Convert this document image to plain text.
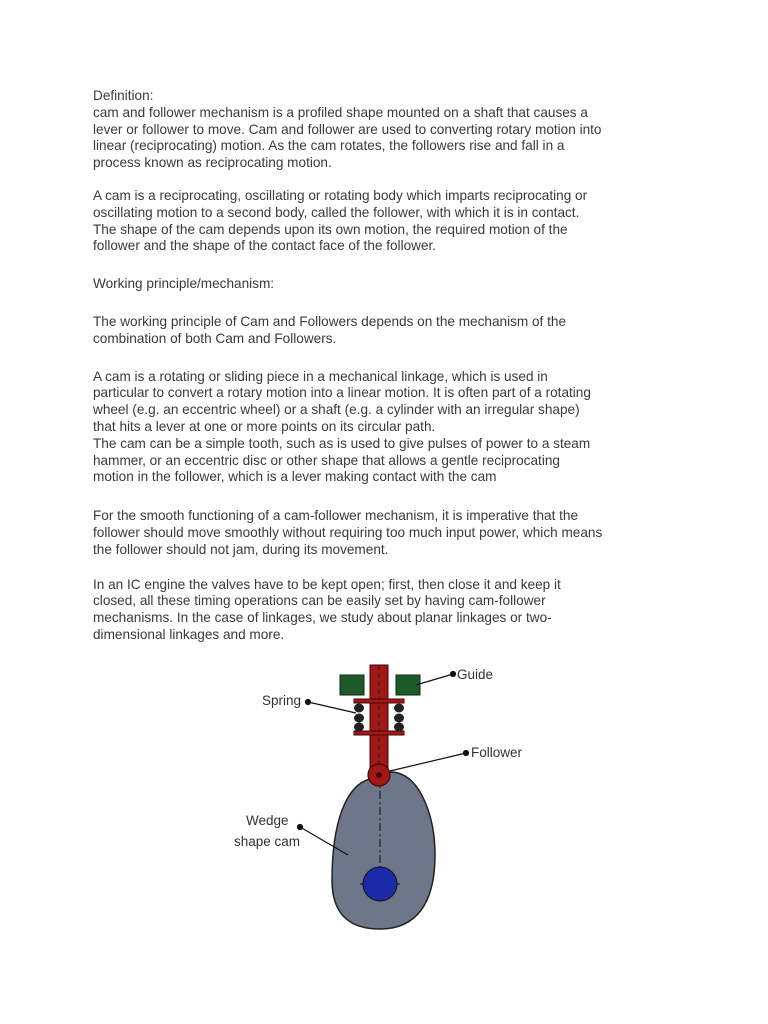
Definition:
cam and follower mechanism is a profiled shape mounted on a shaft that causes a
lever or follower to move. Cam and follower are used to converting rotary motion into
linear (reciprocating) motion. As the cam rotates, the followers rise and fall in a
process known as reciprocating motion.

A cam is a reciprocating, oscillating or rotating body which imparts reciprocating or
oscillating motion to a second body, called the follower, with which it is in contact.
The shape of the cam depends upon its own motion, the required motion of the
follower and the shape of the contact face of the follower.

Working principle/mechanism:

The working principle of Cam and Followers depends on the mechanism of the
combination of both Cam and Followers.

A cam is a rotating or sliding piece in a mechanical linkage, which is used in
particular to convert a rotary motion into a linear motion. It is often part of a rotating
wheel (e.g. an eccentric wheel) or a shaft (e.g. a cylinder with an irregular shape)
that hits a lever at one or more points on its circular path.
The cam can be a simple tooth, such as is used to give pulses of power to a steam
hammer, or an eccentric disc or other shape that allows a gentle reciprocating
motion in the follower, which is a lever making contact with the cam

For the smooth functioning of a cam-follower mechanism, it is imperative that the
follower should move smoothly without requiring too much input power, which means
the follower should not jam, during its movement.

In an IC engine the valves have to be kept open; first, then close it and keep it
closed, all these timing operations can be easily set by having cam-follower
mechanisms. In the case of linkages, we study about planar linkages or two-
dimensional linkages and more.

Guide
Spring
Follower
Wedge
shape cam
